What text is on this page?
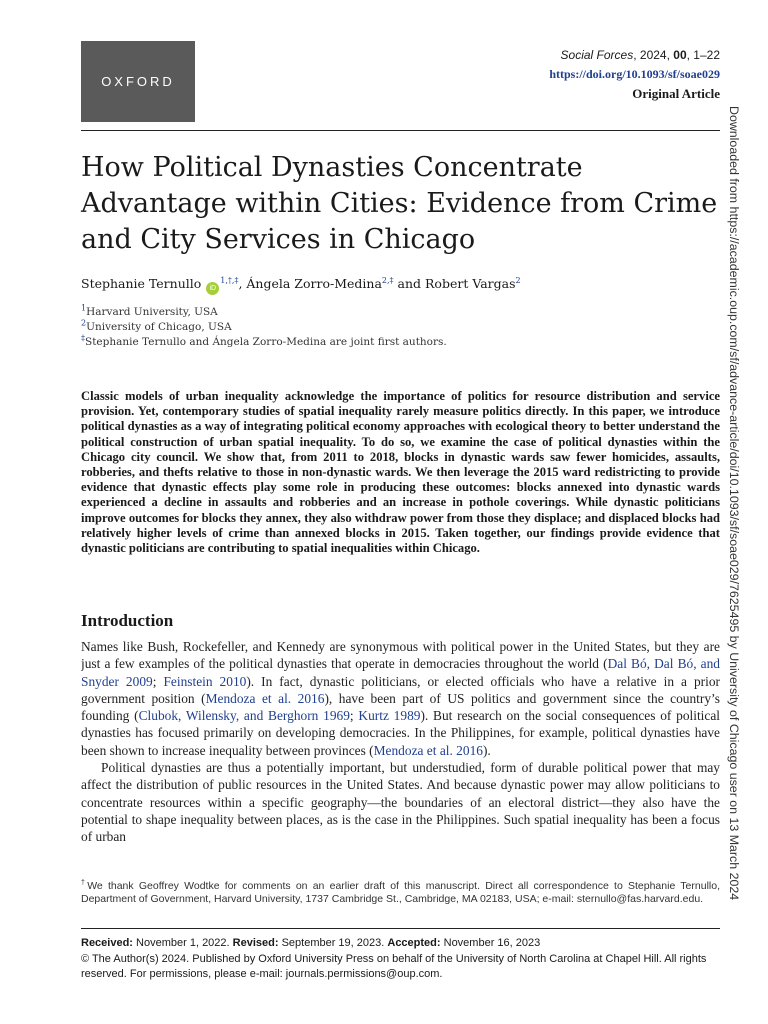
OXFORD
Social Forces, 2024, 00, 1–22
https://doi.org/10.1093/sf/soae029
Original Article
Downloaded from https://academic.oup.com/sf/advance-article/doi/10.1093/sf/soae029/7625495 by University of Chicago user on 13 March 2024
How Political Dynasties Concentrate Advantage within Cities: Evidence from Crime and City Services in Chicago
Stephanie Ternullo $iD^{1,\dagger,\ddagger}$, Ángela Zorro-Medina$^{2,\ddagger}$ and Robert Vargas$^2$
$^1$Harvard University, USA
$^2$University of Chicago, USA
‡Stephanie Ternullo and Ángela Zorro-Medina are joint first authors.

Classic models of urban inequality acknowledge the importance of politics for resource distribution and service provision. Yet, contemporary studies of spatial inequality rarely measure politics directly. In this paper, we introduce political dynasties as a way of integrating political economy approaches with ecological theory to better understand the political construction of urban spatial inequality. To do so, we examine the case of political dynasties within the Chicago city council. We show that, from 2011 to 2018, blocks in dynastic wards saw fewer homicides, assaults, robberies, and thefts relative to those in non-dynastic wards. We then leverage the 2015 ward redistricting to provide evidence that dynastic effects play some role in producing these outcomes: blocks annexed into dynastic wards experienced a decline in assaults and robberies and an increase in pothole coverings. While dynastic politicians improve outcomes for blocks they annex, they also withdraw power from those they displace; and displaced blocks had relatively higher levels of crime than annexed blocks in 2015. Taken together, our findings provide evidence that dynastic politicians are contributing to spatial inequalities within Chicago.

Introduction

Names like Bush, Rockefeller, and Kennedy are synonymous with political power in the United States, but they are just a few examples of the political dynasties that operate in democracies throughout the world (Dal Bó, Dal Bó, and Snyder 2009; Feinstein 2010). In fact, dynastic politicians, or elected officials who have a relative in a prior government position (Mendoza et al. 2016), have been part of US politics and government since the country’s founding (Clubok, Wilensky, and Berghorn 1969; Kurtz 1989). But research on the social consequences of political dynasties has focused primarily on developing democracies. In the Philippines, for example, political dynasties have been shown to increase inequality between provinces (Mendoza et al. 2016).

Political dynasties are thus a potentially important, but understudied, form of durable political power that may affect the distribution of public resources in the United States. And because dynastic power may allow politicians to concentrate resources within a specific geography—the boundaries of an electoral district—they also have the potential to shape inequality between places, as is the case in the Philippines. Such spatial inequality has been a focus of urban

†We thank Geoffrey Wodtke for comments on an earlier draft of this manuscript. Direct all correspondence to Stephanie Ternullo, Department of Government, Harvard University, 1737 Cambridge St., Cambridge, MA 02183, USA; e-mail: sternullo@fas.harvard.edu.
Received: November 1, 2022. Revised: September 19, 2023. Accepted: November 16, 2023
© The Author(s) 2024. Published by Oxford University Press on behalf of the University of North Carolina at Chapel Hill. All rights reserved. For permissions, please e-mail: journals.permissions@oup.com.
